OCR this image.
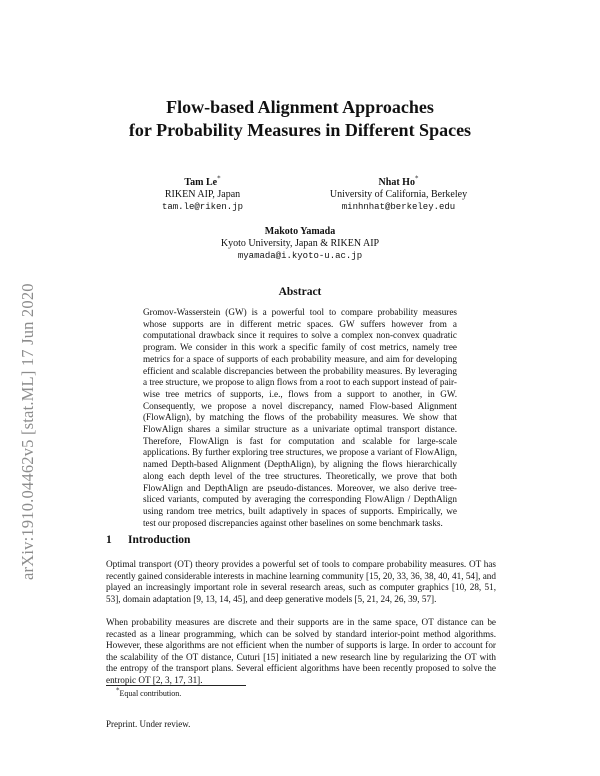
arXiv:1910.04462v5 [stat.ML] 17 Jun 2020
Flow-based Alignment Approaches
for Probability Measures in Different Spaces
Tam Le*
RIKEN AIP, Japan
tam.le@riken.jp
Nhat Ho*
University of California, Berkeley
minhnhat@berkeley.edu
Makoto Yamada
Kyoto University, Japan & RIKEN AIP
myamada@i.kyoto-u.ac.jp
Abstract
Gromov-Wasserstein (GW) is a powerful tool to compare probability measures whose supports are in different metric spaces. GW suffers however from a computational drawback since it requires to solve a complex non-convex quadratic program. We consider in this work a specific family of cost metrics, namely tree metrics for a space of supports of each probability measure, and aim for developing efficient and scalable discrepancies between the probability measures. By leveraging a tree structure, we propose to align flows from a root to each support instead of pair-wise tree metrics of supports, i.e., flows from a support to another, in GW. Consequently, we propose a novel discrepancy, named Flow-based Alignment (FlowAlign), by matching the flows of the probability measures. We show that FlowAlign shares a similar structure as a univariate optimal transport distance. Therefore, FlowAlign is fast for computation and scalable for large-scale applications. By further exploring tree structures, we propose a variant of FlowAlign, named Depth-based Alignment (DepthAlign), by aligning the flows hierarchically along each depth level of the tree structures. Theoretically, we prove that both FlowAlign and DepthAlign are pseudo-distances. Moreover, we also derive tree-sliced variants, computed by averaging the corresponding FlowAlign / DepthAlign using random tree metrics, built adaptively in spaces of supports. Empirically, we test our proposed discrepancies against other baselines on some benchmark tasks.
1 Introduction
Optimal transport (OT) theory provides a powerful set of tools to compare probability measures. OT has recently gained considerable interests in machine learning community [15, 20, 33, 36, 38, 40, 41, 54], and played an increasingly important role in several research areas, such as computer graphics [10, 28, 51, 53], domain adaptation [9, 13, 14, 45], and deep generative models [5, 21, 24, 26, 39, 57].
When probability measures are discrete and their supports are in the same space, OT distance can be recasted as a linear programming, which can be solved by standard interior-point method algorithms. However, these algorithms are not efficient when the number of supports is large. In order to account for the scalability of the OT distance, Cuturi [15] initiated a new research line by regularizing the OT with the entropy of the transport plans. Several efficient algorithms have been recently proposed to solve the entropic OT [2, 3, 17, 31].
*Equal contribution.
Preprint. Under review.
